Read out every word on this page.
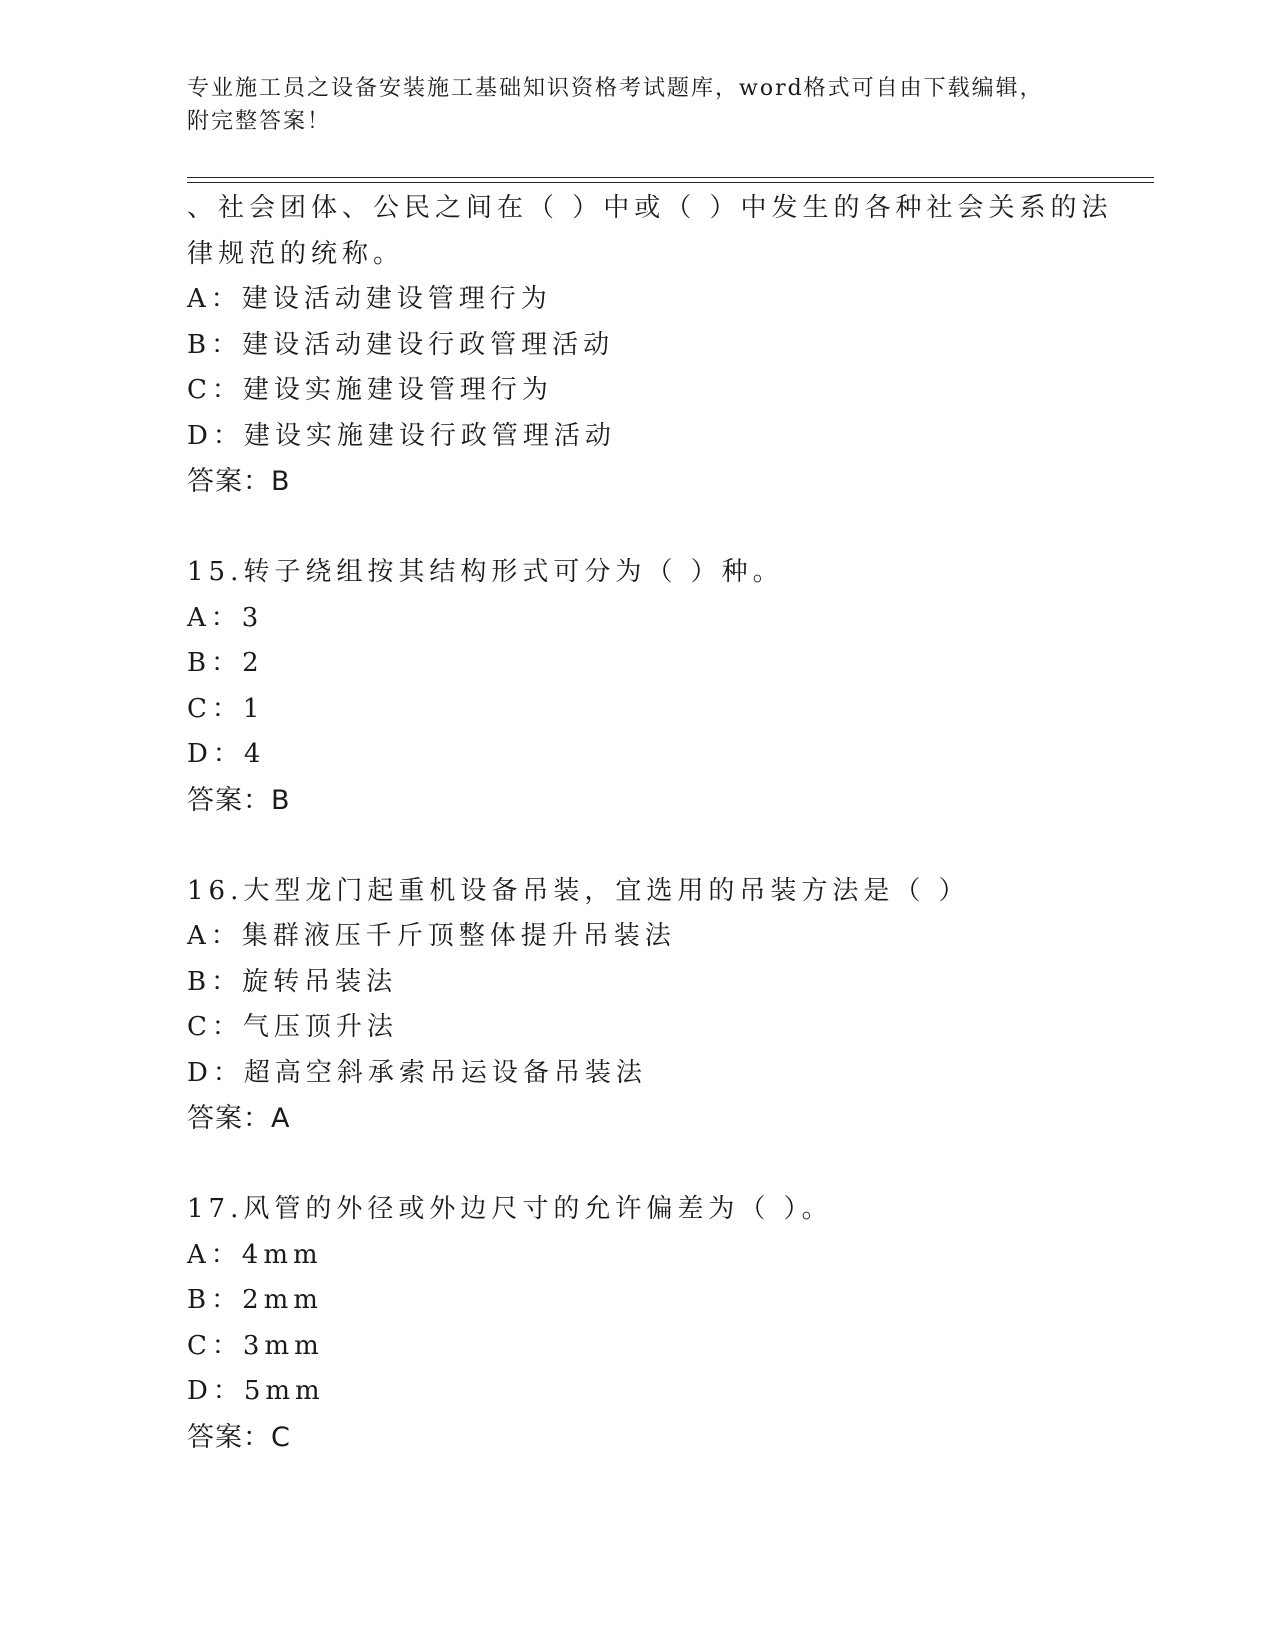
专业施工员之设备安装施工基础知识资格考试题库，word格式可自由下载编辑，
附完整答案！
、社会团体、公民之间在（ ）中或（ ）中发生的各种社会关系的法
律规范的统称。
A：建设活动建设管理行为
B：建设活动建设行政管理活动
C：建设实施建设管理行为
D：建设实施建设行政管理活动
答案：B
15.转子绕组按其结构形式可分为（ ）种。
A：3
B：2
C：1
D：4
答案：B
16.大型龙门起重机设备吊装，宜选用的吊装方法是（ ）
A：集群液压千斤顶整体提升吊装法
B：旋转吊装法
C：气压顶升法
D：超高空斜承索吊运设备吊装法
答案：A
17.风管的外径或外边尺寸的允许偏差为（ ）。
A：4mm
B：2mm
C：3mm
D：5mm
答案：C
